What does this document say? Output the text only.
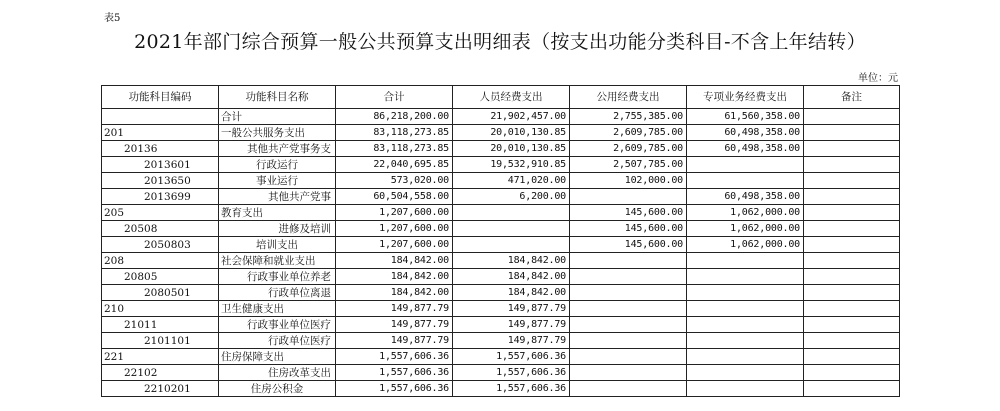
表5
2021年部门综合预算一般公共预算支出明细表（按支出功能分类科目-不含上年结转）
单位：元
功能科目编码	功能科目名称	合计	人员经费支出	公用经费支出	专项业务经费支出	备注
	合计	86,218,200.00	21,902,457.00	2,755,385.00	61,560,358.00	
201	一般公共服务支出	83,118,273.85	20,010,130.85	2,609,785.00	60,498,358.00	
20136	其他共产党事务支	83,118,273.85	20,010,130.85	2,609,785.00	60,498,358.00	
2013601	行政运行	22,040,695.85	19,532,910.85	2,507,785.00		
2013650	事业运行	573,020.00	471,020.00	102,000.00		
2013699	其他共产党事	60,504,558.00	6,200.00		60,498,358.00	
205	教育支出	1,207,600.00		145,600.00	1,062,000.00	
20508	进修及培训	1,207,600.00		145,600.00	1,062,000.00	
2050803	培训支出	1,207,600.00		145,600.00	1,062,000.00	
208	社会保障和就业支出	184,842.00	184,842.00			
20805	行政事业单位养老	184,842.00	184,842.00			
2080501	行政单位离退	184,842.00	184,842.00			
210	卫生健康支出	149,877.79	149,877.79			
21011	行政事业单位医疗	149,877.79	149,877.79			
2101101	行政单位医疗	149,877.79	149,877.79			
221	住房保障支出	1,557,606.36	1,557,606.36			
22102	住房改革支出	1,557,606.36	1,557,606.36			
2210201	住房公积金	1,557,606.36	1,557,606.36			
